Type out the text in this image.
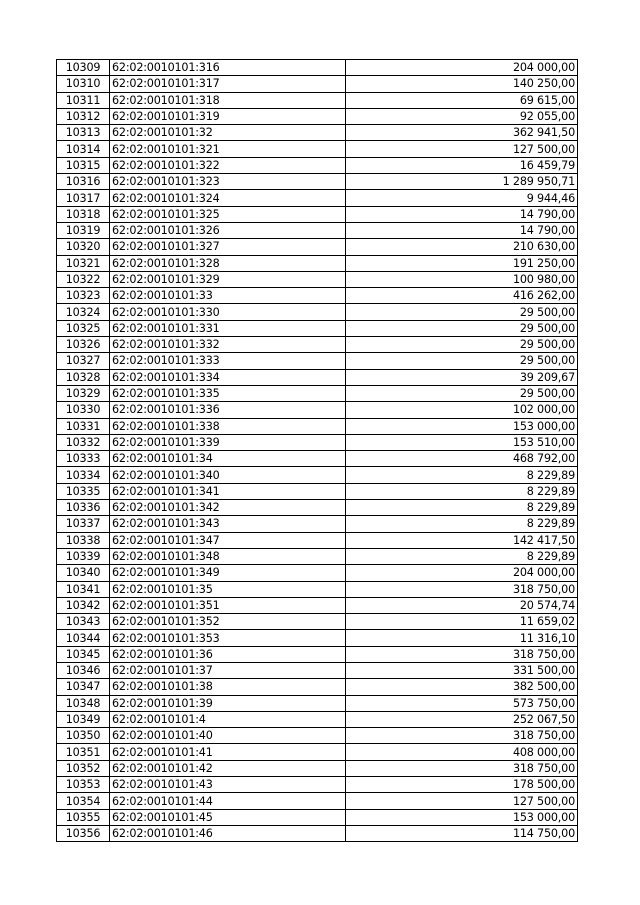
10309	62:02:0010101:316	204 000,00
10310	62:02:0010101:317	140 250,00
10311	62:02:0010101:318	69 615,00
10312	62:02:0010101:319	92 055,00
10313	62:02:0010101:32	362 941,50
10314	62:02:0010101:321	127 500,00
10315	62:02:0010101:322	16 459,79
10316	62:02:0010101:323	1 289 950,71
10317	62:02:0010101:324	9 944,46
10318	62:02:0010101:325	14 790,00
10319	62:02:0010101:326	14 790,00
10320	62:02:0010101:327	210 630,00
10321	62:02:0010101:328	191 250,00
10322	62:02:0010101:329	100 980,00
10323	62:02:0010101:33	416 262,00
10324	62:02:0010101:330	29 500,00
10325	62:02:0010101:331	29 500,00
10326	62:02:0010101:332	29 500,00
10327	62:02:0010101:333	29 500,00
10328	62:02:0010101:334	39 209,67
10329	62:02:0010101:335	29 500,00
10330	62:02:0010101:336	102 000,00
10331	62:02:0010101:338	153 000,00
10332	62:02:0010101:339	153 510,00
10333	62:02:0010101:34	468 792,00
10334	62:02:0010101:340	8 229,89
10335	62:02:0010101:341	8 229,89
10336	62:02:0010101:342	8 229,89
10337	62:02:0010101:343	8 229,89
10338	62:02:0010101:347	142 417,50
10339	62:02:0010101:348	8 229,89
10340	62:02:0010101:349	204 000,00
10341	62:02:0010101:35	318 750,00
10342	62:02:0010101:351	20 574,74
10343	62:02:0010101:352	11 659,02
10344	62:02:0010101:353	11 316,10
10345	62:02:0010101:36	318 750,00
10346	62:02:0010101:37	331 500,00
10347	62:02:0010101:38	382 500,00
10348	62:02:0010101:39	573 750,00
10349	62:02:0010101:4	252 067,50
10350	62:02:0010101:40	318 750,00
10351	62:02:0010101:41	408 000,00
10352	62:02:0010101:42	318 750,00
10353	62:02:0010101:43	178 500,00
10354	62:02:0010101:44	127 500,00
10355	62:02:0010101:45	153 000,00
10356	62:02:0010101:46	114 750,00
